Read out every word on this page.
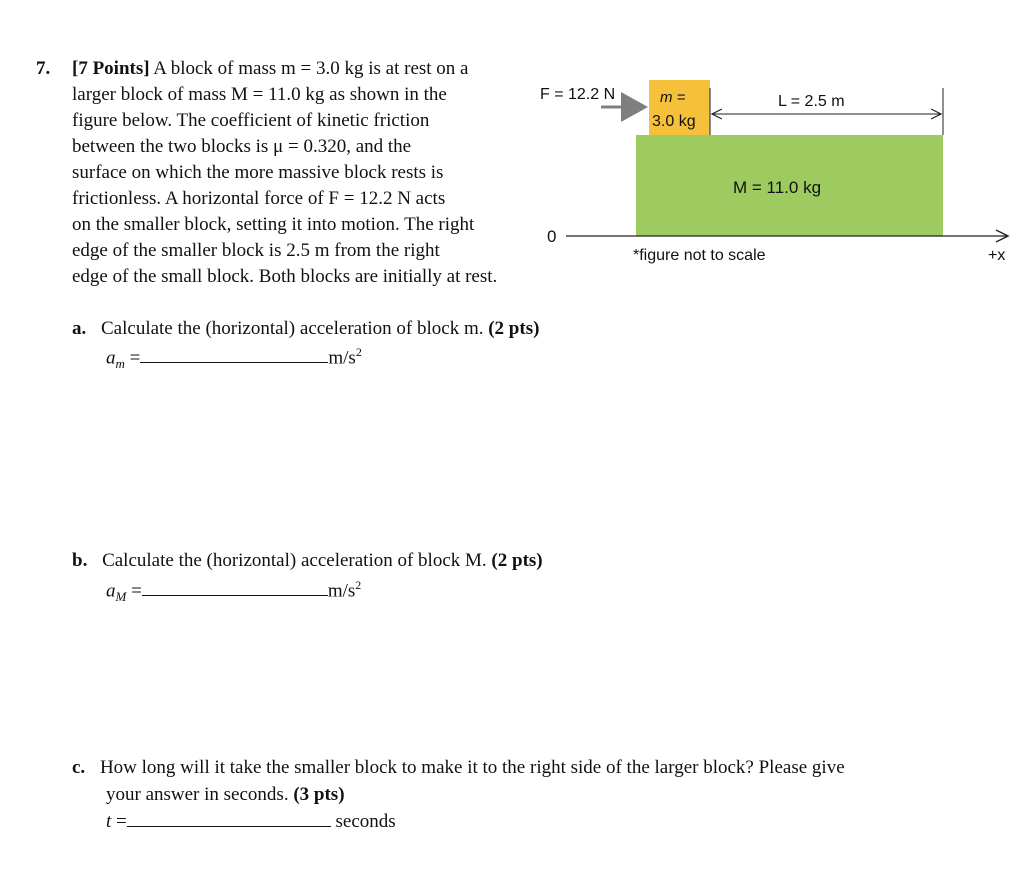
7. [7 Points] A block of mass m = 3.0 kg is at rest on a
larger block of mass M = 11.0 kg as shown in the
figure below. The coefficient of kinetic friction
between the two blocks is μ = 0.320, and the
surface on which the more massive block rests is
frictionless. A horizontal force of F = 12.2 N acts
on the smaller block, setting it into motion. The right
edge of the smaller block is 2.5 m from the right
edge of the small block. Both blocks are initially at rest.
F = 12.2 N	m =
3.0 kg
L = 2.5 m
M = 11.0 kg
0
+x
*figure not to scale
a. Calculate the (horizontal) acceleration of block m. (2 pts)
$a_m$ =	$m/s^2$
b. Calculate the (horizontal) acceleration of block M. (2 pts)
$a_M$ =	$m/s^2$
c. How long will it take the smaller block to make it to the right side of the larger block? Please give
your answer in seconds. (3 pts)
t =	seconds
